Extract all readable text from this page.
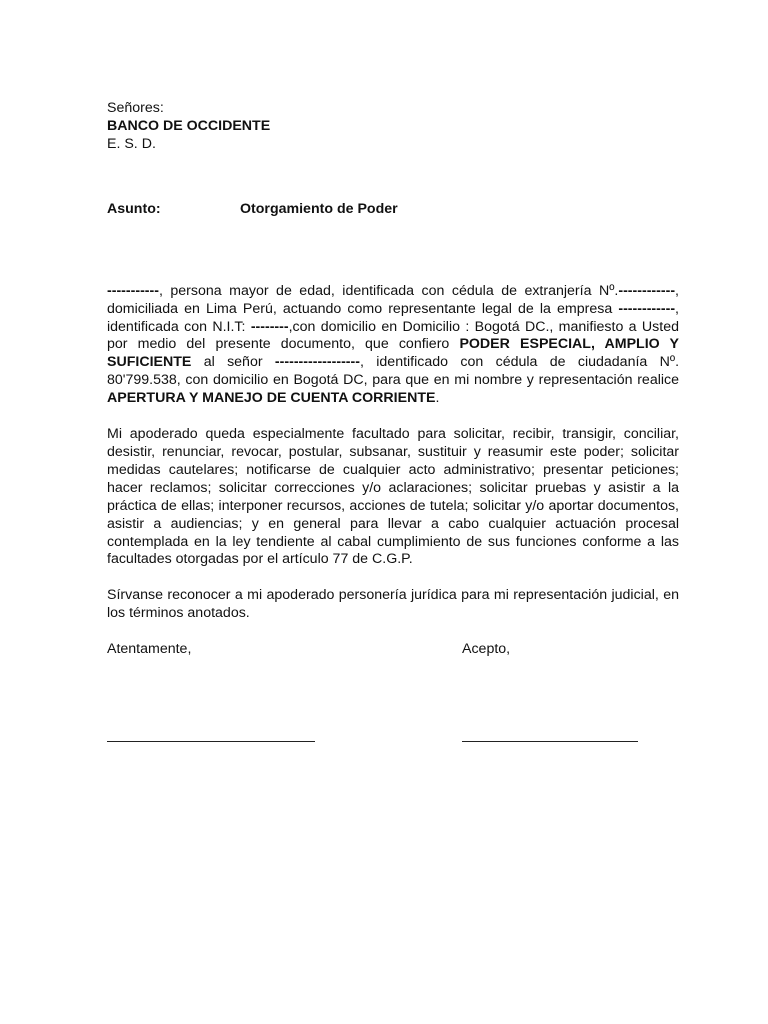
Señores:
BANCO DE OCCIDENTE
E. S. D.
Asunto:	Otorgamiento de Poder

-----------, persona mayor de edad, identificada con cédula de extranjería Nº.------------, domiciliada en Lima Perú, actuando como representante legal de la empresa ------------, identificada con N.I.T: --------,con domicilio en Domicilio : Bogotá DC., manifiesto a Usted por medio del presente documento, que confiero PODER ESPECIAL, AMPLIO Y SUFICIENTE al señor ------------------, identificado con cédula de ciudadanía Nº. 80'799.538, con domicilio en Bogotá DC, para que en mi nombre y representación realice APERTURA Y MANEJO DE CUENTA CORRIENTE.

Mi apoderado queda especialmente facultado para solicitar, recibir, transigir, conciliar, desistir, renunciar, revocar, postular, subsanar, sustituir y reasumir este poder; solicitar medidas cautelares; notificarse de cualquier acto administrativo; presentar peticiones; hacer reclamos; solicitar correcciones y/o aclaraciones; solicitar pruebas y asistir a la práctica de ellas; interponer recursos, acciones de tutela; solicitar y/o aportar documentos, asistir a audiencias; y en general para llevar a cabo cualquier actuación procesal contemplada en la ley tendiente al cabal cumplimiento de sus funciones conforme a las facultades otorgadas por el artículo 77 de C.G.P.

Sírvanse reconocer a mi apoderado personería jurídica para mi representación judicial, en los términos anotados.

Atentamente,	Acepto,
